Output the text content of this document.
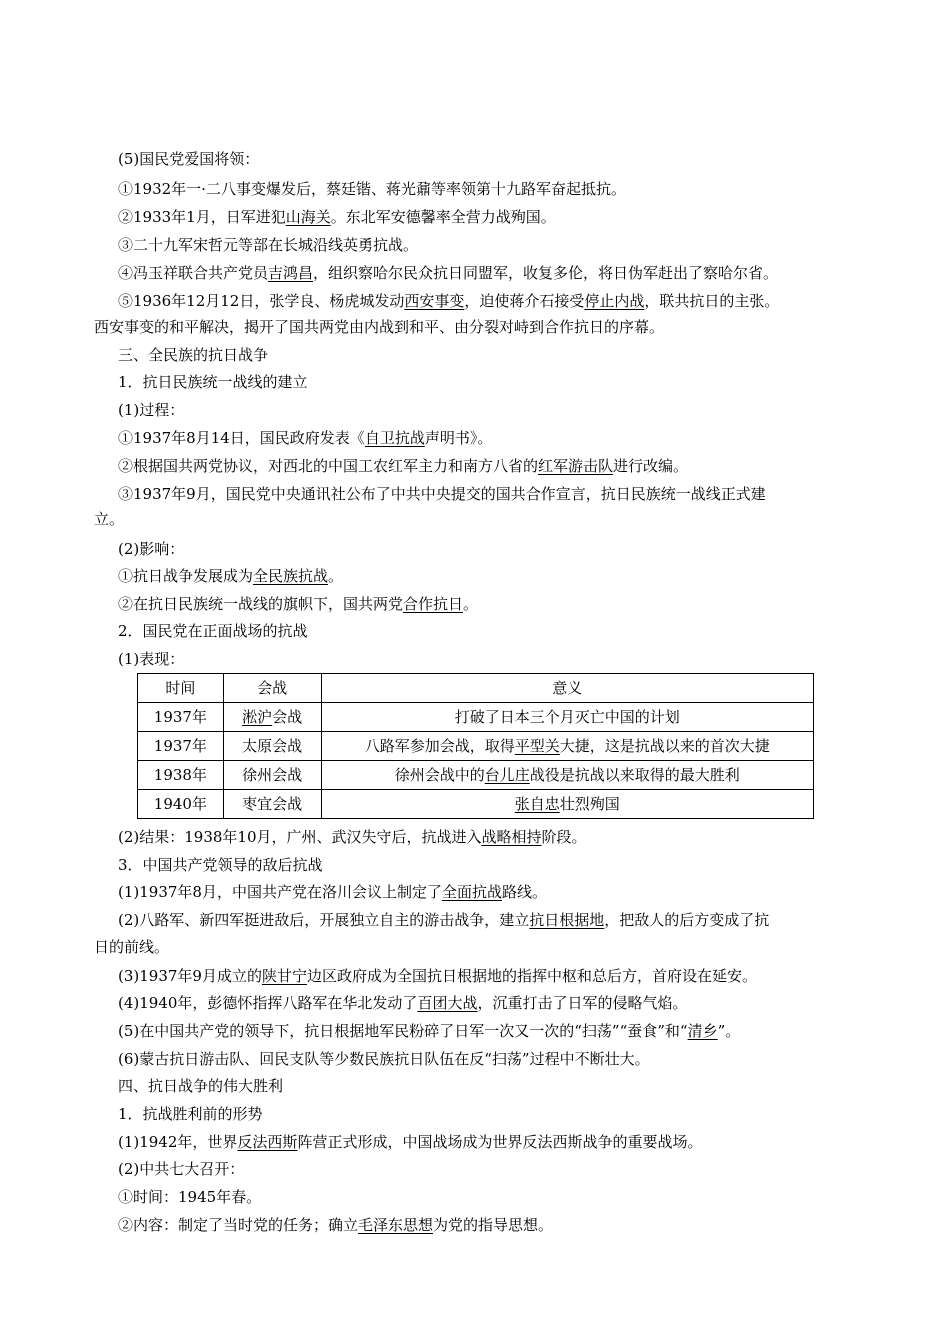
(5)国民党爱国将领：
①1932年一·二八事变爆发后，蔡廷锴、蒋光鼐等率领第十九路军奋起抵抗。
②1933年1月，日军进犯山海关。东北军安德馨率全营力战殉国。
③二十九军宋哲元等部在长城沿线英勇抗战。
④冯玉祥联合共产党员吉鸿昌，组织察哈尔民众抗日同盟军，收复多伦，将日伪军赶出了察哈尔省。
⑤1936年12月12日，张学良、杨虎城发动西安事变，迫使蒋介石接受停止内战，联共抗日的主张。
西安事变的和平解决，揭开了国共两党由内战到和平、由分裂对峙到合作抗日的序幕。
三、全民族的抗日战争
1．抗日民族统一战线的建立
(1)过程：
①1937年8月14日，国民政府发表《自卫抗战声明书》。
②根据国共两党协议，对西北的中国工农红军主力和南方八省的红军游击队进行改编。
③1937年9月，国民党中央通讯社公布了中共中央提交的国共合作宣言，抗日民族统一战线正式建
立。
(2)影响：
①抗日战争发展成为全民族抗战。
②在抗日民族统一战线的旗帜下，国共两党合作抗日。
2．国民党在正面战场的抗战
(1)表现：
(2)结果：1938年10月，广州、武汉失守后，抗战进入战略相持阶段。
3．中国共产党领导的敌后抗战
(1)1937年8月，中国共产党在洛川会议上制定了全面抗战路线。
(2)八路军、新四军挺进敌后，开展独立自主的游击战争，建立抗日根据地，把敌人的后方变成了抗
日的前线。
(3)1937年9月成立的陕甘宁边区政府成为全国抗日根据地的指挥中枢和总后方，首府设在延安。
(4)1940年，彭德怀指挥八路军在华北发动了百团大战，沉重打击了日军的侵略气焰。
(5)在中国共产党的领导下，抗日根据地军民粉碎了日军一次又一次的“扫荡”“蚕食”和“清乡”。
(6)蒙古抗日游击队、回民支队等少数民族抗日队伍在反“扫荡”过程中不断壮大。
四、抗日战争的伟大胜利
1．抗战胜利前的形势
(1)1942年，世界反法西斯阵营正式形成，中国战场成为世界反法西斯战争的重要战场。
(2)中共七大召开：
①时间：1945年春。
②内容：制定了当时党的任务；确立毛泽东思想为党的指导思想。
时间	会战	意义
1937年	淞沪会战	打破了日本三个月灭亡中国的计划
1937年	太原会战	八路军参加会战，取得平型关大捷，这是抗战以来的首次大捷
1938年	徐州会战	徐州会战中的台儿庄战役是抗战以来取得的最大胜利
1940年	枣宜会战	张自忠壮烈殉国
